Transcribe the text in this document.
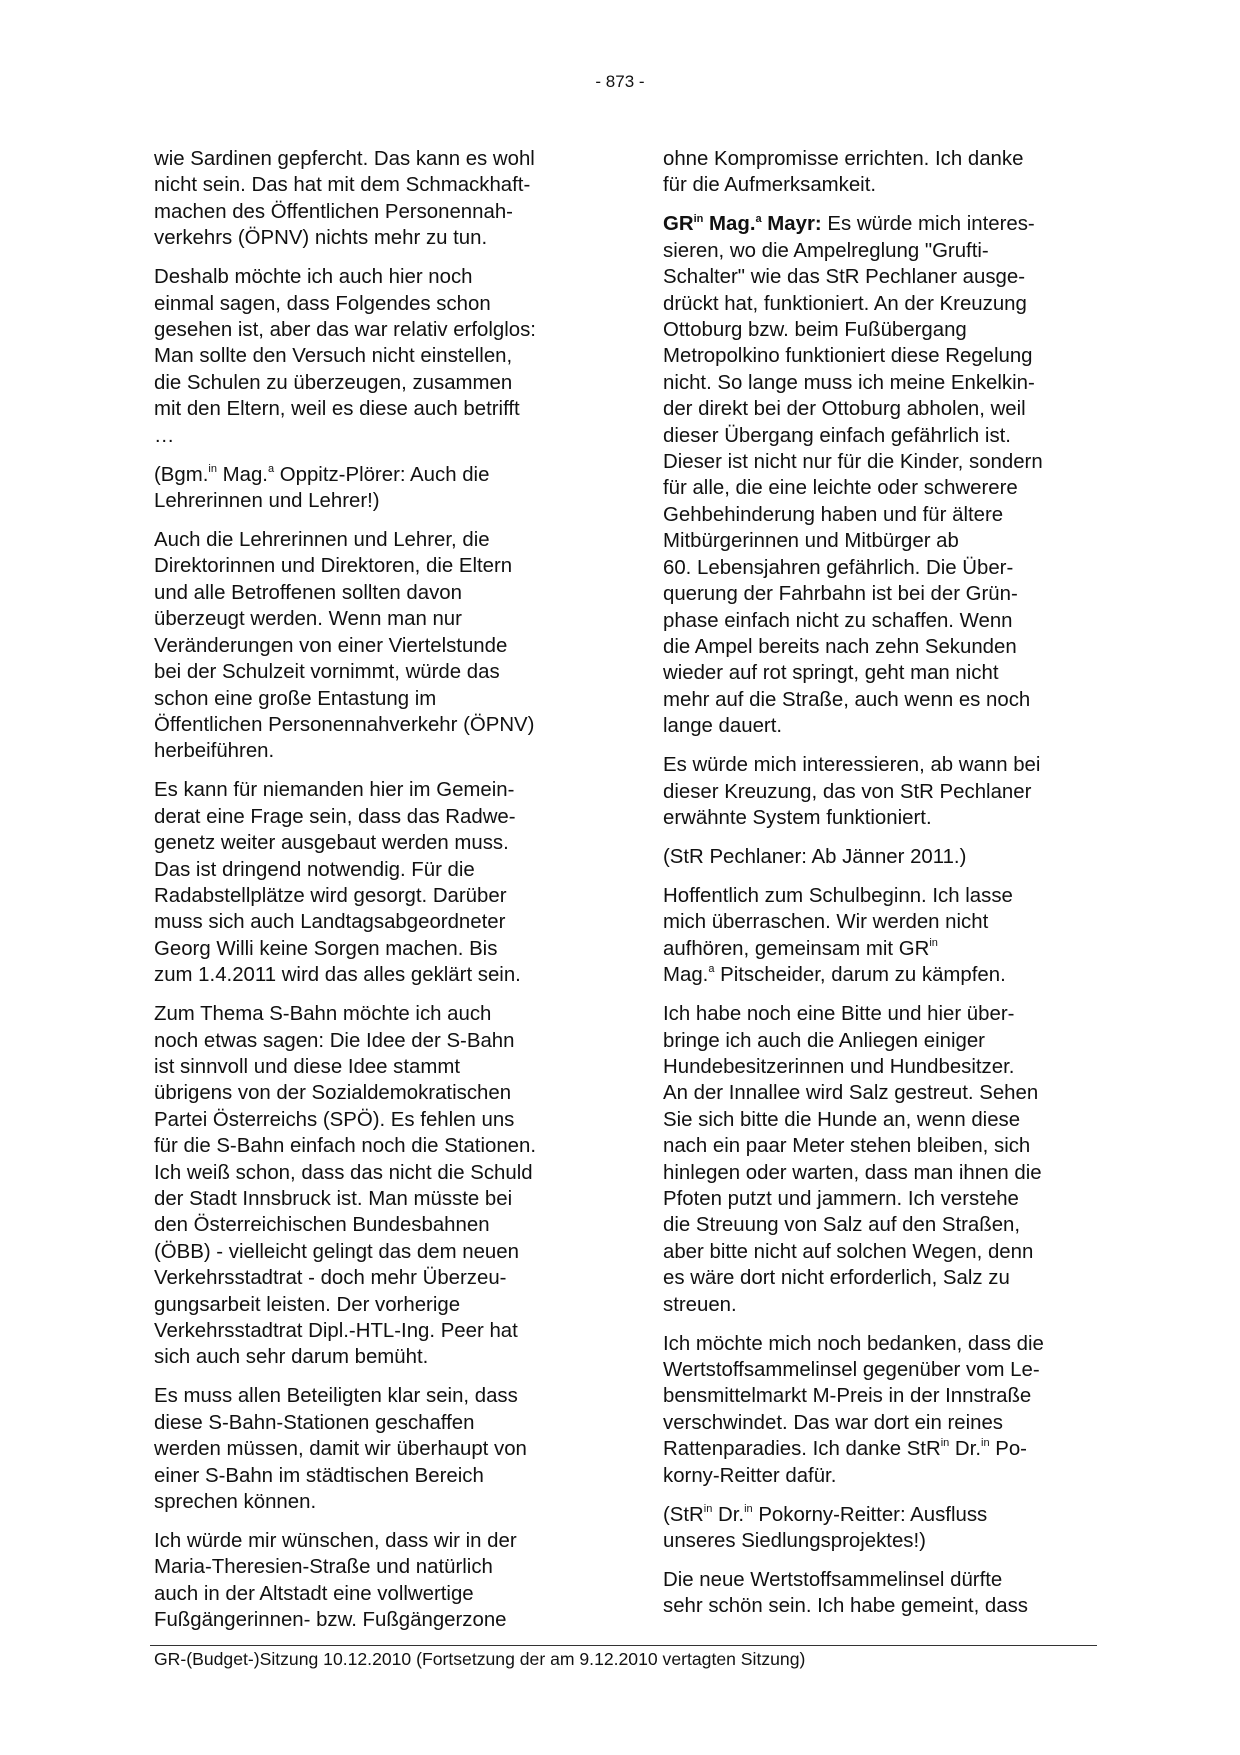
- 873 -

wie Sardinen gepfercht. Das kann es wohl
nicht sein. Das hat mit dem Schmackhaft-
machen des Öffentlichen Personennah-
verkehrs (ÖPNV) nichts mehr zu tun.

Deshalb möchte ich auch hier noch
einmal sagen, dass Folgendes schon
gesehen ist, aber das war relativ erfolglos:
Man sollte den Versuch nicht einstellen,
die Schulen zu überzeugen, zusammen
mit den Eltern, weil es diese auch betrifft
…

(Bgm.$^{in}$ Mag.$^a$ Oppitz-Plörer: Auch die
Lehrerinnen und Lehrer!)

Auch die Lehrerinnen und Lehrer, die
Direktorinnen und Direktoren, die Eltern
und alle Betroffenen sollten davon
überzeugt werden. Wenn man nur
Veränderungen von einer Viertelstunde
bei der Schulzeit vornimmt, würde das
schon eine große Entastung im
Öffentlichen Personennahverkehr (ÖPNV)
herbeiführen.

Es kann für niemanden hier im Gemein-
derat eine Frage sein, dass das Radwe-
genetz weiter ausgebaut werden muss.
Das ist dringend notwendig. Für die
Radabstellplätze wird gesorgt. Darüber
muss sich auch Landtagsabgeordneter
Georg Willi keine Sorgen machen. Bis
zum 1.4.2011 wird das alles geklärt sein.

Zum Thema S-Bahn möchte ich auch
noch etwas sagen: Die Idee der S-Bahn
ist sinnvoll und diese Idee stammt
übrigens von der Sozialdemokratischen
Partei Österreichs (SPÖ). Es fehlen uns
für die S-Bahn einfach noch die Stationen.
Ich weiß schon, dass das nicht die Schuld
der Stadt Innsbruck ist. Man müsste bei
den Österreichischen Bundesbahnen
(ÖBB) - vielleicht gelingt das dem neuen
Verkehrsstadtrat - doch mehr Überzeu-
gungsarbeit leisten. Der vorherige
Verkehrsstadtrat Dipl.-HTL-Ing. Peer hat
sich auch sehr darum bemüht.

Es muss allen Beteiligten klar sein, dass
diese S-Bahn-Stationen geschaffen
werden müssen, damit wir überhaupt von
einer S-Bahn im städtischen Bereich
sprechen können.

Ich würde mir wünschen, dass wir in der
Maria-Theresien-Straße und natürlich
auch in der Altstadt eine vollwertige
Fußgängerinnen- bzw. Fußgängerzone

ohne Kompromisse errichten. Ich danke
für die Aufmerksamkeit.

$GR^{in}$ Mag.$^a$ Mayr: Es würde mich interes-
sieren, wo die Ampelreglung "Grufti-
Schalter" wie das StR Pechlaner ausge-
drückt hat, funktioniert. An der Kreuzung
Ottoburg bzw. beim Fußübergang
Metropolkino funktioniert diese Regelung
nicht. So lange muss ich meine Enkelkin-
der direkt bei der Ottoburg abholen, weil
dieser Übergang einfach gefährlich ist.
Dieser ist nicht nur für die Kinder, sondern
für alle, die eine leichte oder schwerere
Gehbehinderung haben und für ältere
Mitbürgerinnen und Mitbürger ab
60. Lebensjahren gefährlich. Die Über-
querung der Fahrbahn ist bei der Grün-
phase einfach nicht zu schaffen. Wenn
die Ampel bereits nach zehn Sekunden
wieder auf rot springt, geht man nicht
mehr auf die Straße, auch wenn es noch
lange dauert.

Es würde mich interessieren, ab wann bei
dieser Kreuzung, das von StR Pechlaner
erwähnte System funktioniert.

(StR Pechlaner: Ab Jänner 2011.)

Hoffentlich zum Schulbeginn. Ich lasse
mich überraschen. Wir werden nicht
aufhören, gemeinsam mit $GR^{in}$
Mag.$^a$ Pitscheider, darum zu kämpfen.

Ich habe noch eine Bitte und hier über-
bringe ich auch die Anliegen einiger
Hundebesitzerinnen und Hundbesitzer.
An der Innallee wird Salz gestreut. Sehen
Sie sich bitte die Hunde an, wenn diese
nach ein paar Meter stehen bleiben, sich
hinlegen oder warten, dass man ihnen die
Pfoten putzt und jammern. Ich verstehe
die Streuung von Salz auf den Straßen,
aber bitte nicht auf solchen Wegen, denn
es wäre dort nicht erforderlich, Salz zu
streuen.

Ich möchte mich noch bedanken, dass die
Wertstoffsammelinsel gegenüber vom Le-
bensmittelmarkt M-Preis in der Innstraße
verschwindet. Das war dort ein reines
Rattenparadies. Ich danke StR$^{in}$ Dr.$^{in}$ Po-
korny-Reitter dafür.

(StR$^{in}$ Dr.$^{in}$ Pokorny-Reitter: Ausfluss
unseres Siedlungsprojektes!)

Die neue Wertstoffsammelinsel dürfte
sehr schön sein. Ich habe gemeint, dass

GR-(Budget-)Sitzung 10.12.2010 (Fortsetzung der am 9.12.2010 vertagten Sitzung)
